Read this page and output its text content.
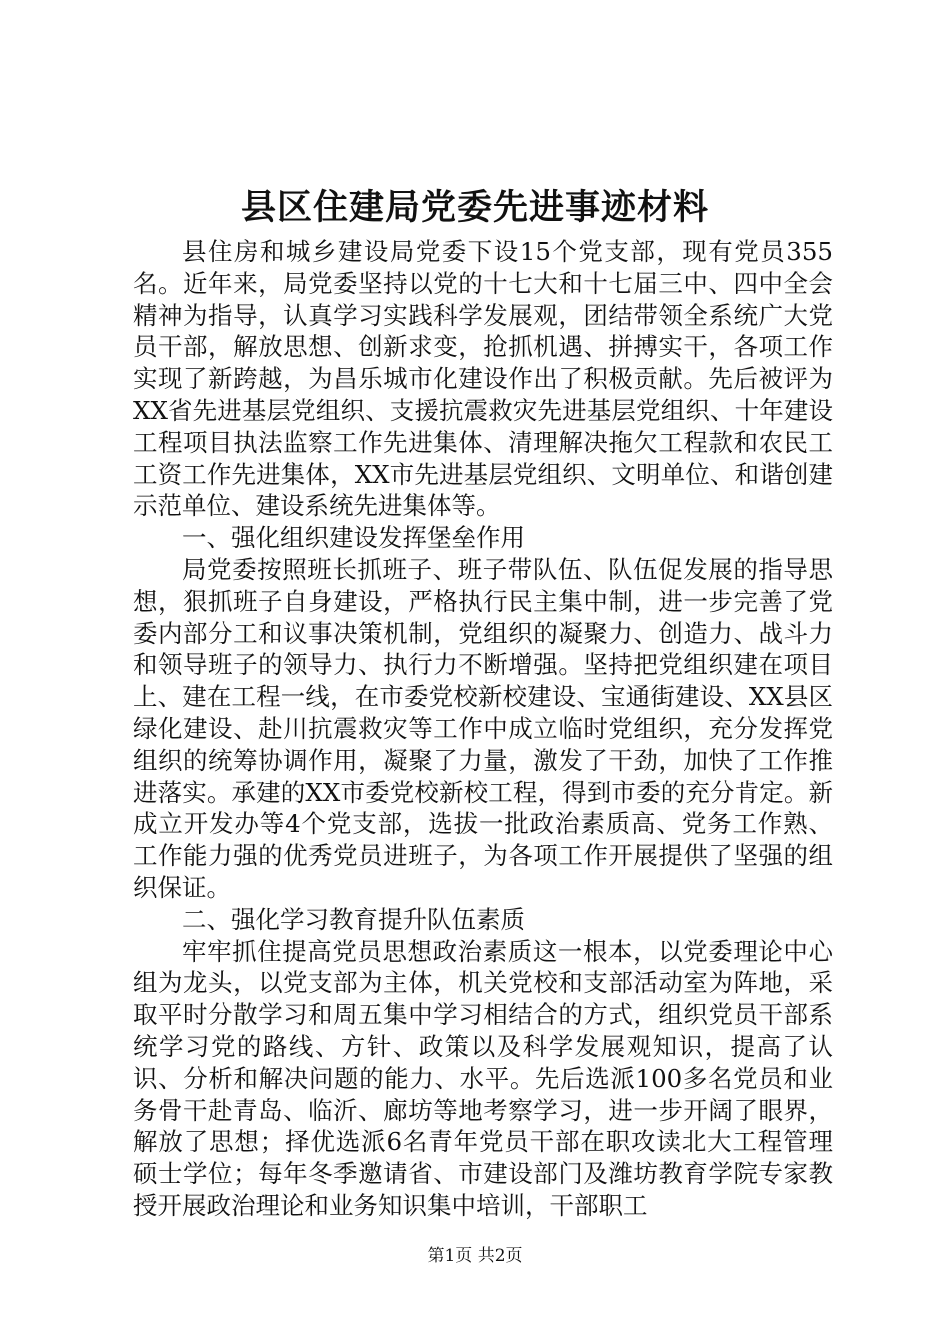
县区住建局党委先进事迹材料

县住房和城乡建设局党委下设15个党支部，现有党员355名。近年来，局党委坚持以党的十七大和十七届三中、四中全会精神为指导，认真学习实践科学发展观，团结带领全系统广大党员干部，解放思想、创新求变，抢抓机遇、拼搏实干，各项工作实现了新跨越，为昌乐城市化建设作出了积极贡献。先后被评为XX省先进基层党组织、支援抗震救灾先进基层党组织、十年建设工程项目执法监察工作先进集体、清理解决拖欠工程款和农民工工资工作先进集体，XX市先进基层党组织、文明单位、和谐创建示范单位、建设系统先进集体等。

一、强化组织建设发挥堡垒作用

局党委按照班长抓班子、班子带队伍、队伍促发展的指导思想，狠抓班子自身建设，严格执行民主集中制，进一步完善了党委内部分工和议事决策机制，党组织的凝聚力、创造力、战斗力和领导班子的领导力、执行力不断增强。坚持把党组织建在项目上、建在工程一线，在市委党校新校建设、宝通街建设、XX县区绿化建设、赴川抗震救灾等工作中成立临时党组织，充分发挥党组织的统筹协调作用，凝聚了力量，激发了干劲，加快了工作推进落实。承建的XX市委党校新校工程，得到市委的充分肯定。新成立开发办等4个党支部，选拔一批政治素质高、党务工作熟、工作能力强的优秀党员进班子，为各项工作开展提供了坚强的组织保证。

二、强化学习教育提升队伍素质

牢牢抓住提高党员思想政治素质这一根本，以党委理论中心组为龙头，以党支部为主体，机关党校和支部活动室为阵地，采取平时分散学习和周五集中学习相结合的方式，组织党员干部系统学习党的路线、方针、政策以及科学发展观知识，提高了认识、分析和解决问题的能力、水平。先后选派100多名党员和业务骨干赴青岛、临沂、廊坊等地考察学习，进一步开阔了眼界，解放了思想；择优选派6名青年党员干部在职攻读北大工程管理硕士学位；每年冬季邀请省、市建设部门及潍坊教育学院专家教授开展政治理论和业务知识集中培训，干部职工

第1页 共2页
